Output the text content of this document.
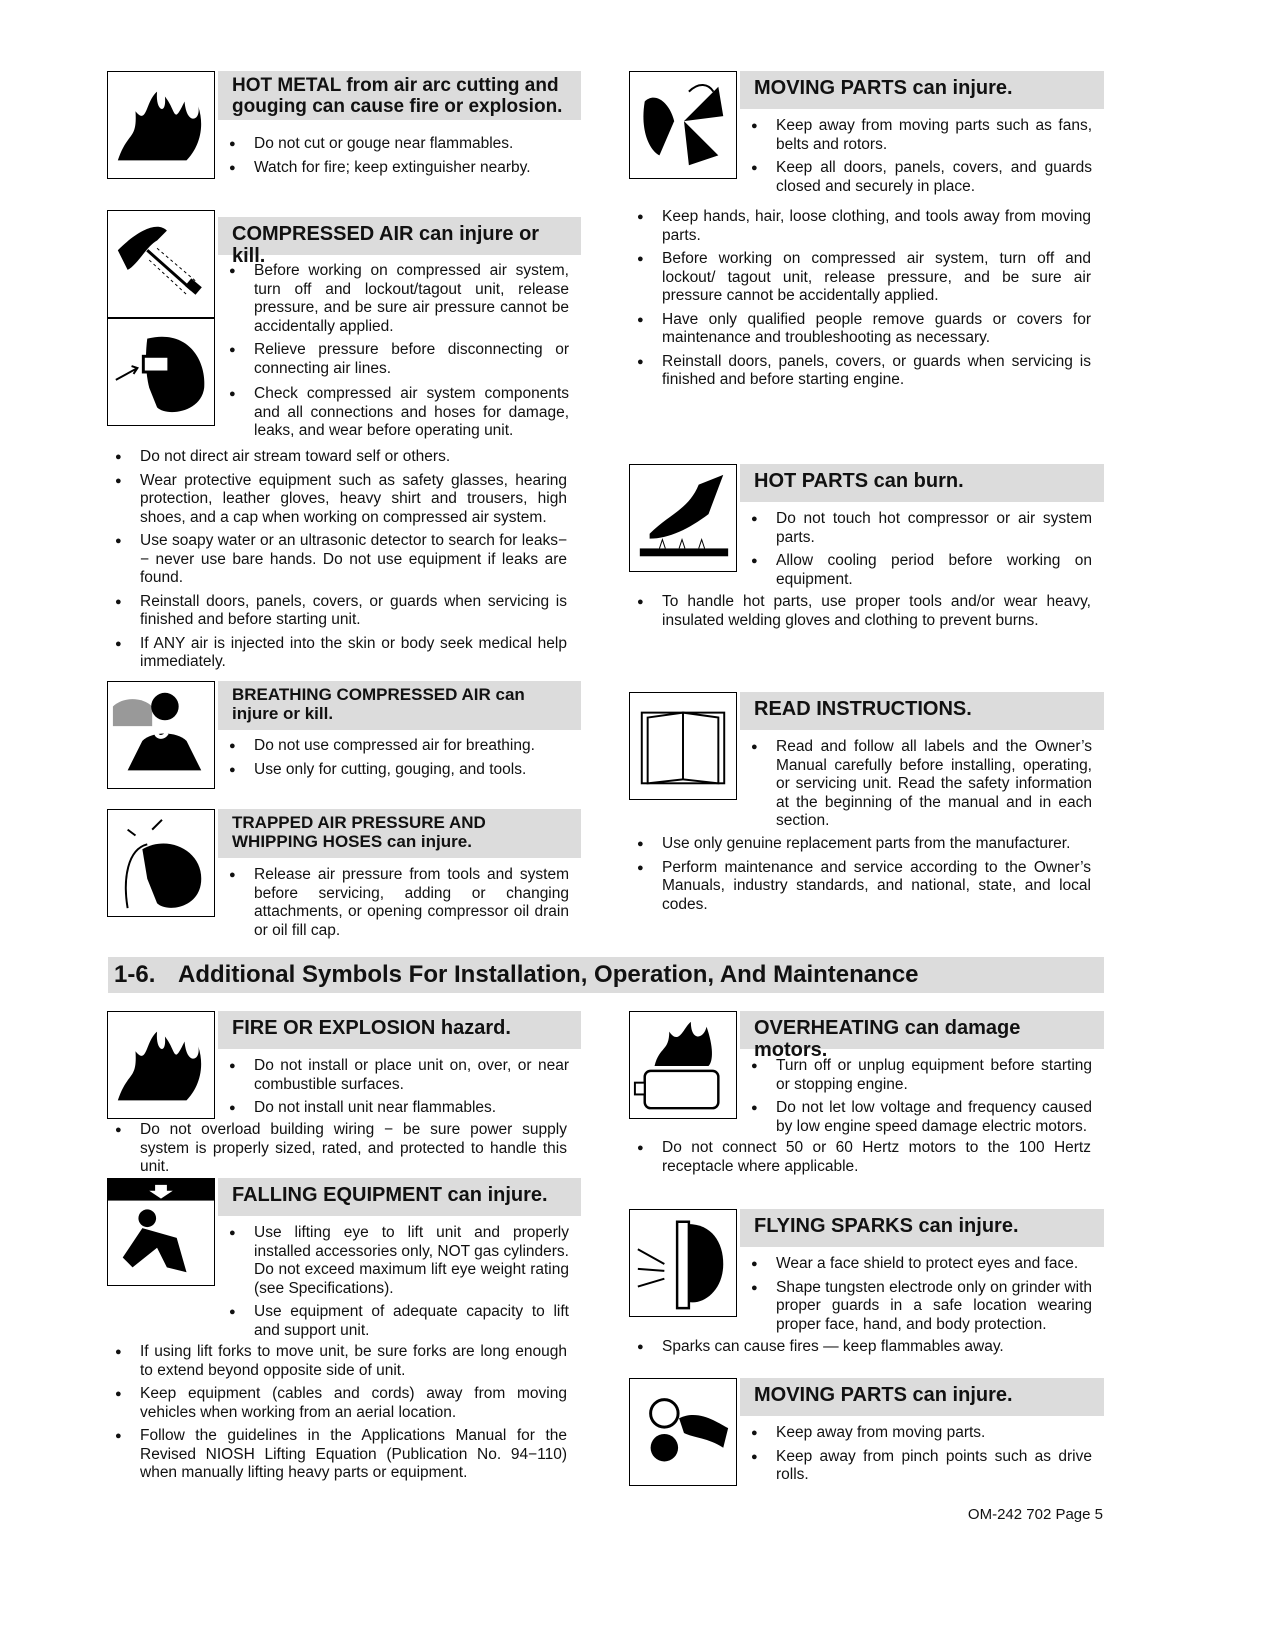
HOT METAL from air arc cutting and gouging can cause fire or explosion.
● Do not cut or gouge near flammables.
● Watch for fire; keep extinguisher nearby.
COMPRESSED AIR can injure or kill.
● Before working on compressed air system, turn off and lockout/tagout unit, release pressure, and be sure air pressure cannot be accidentally applied.
● Relieve pressure before disconnecting or connecting air lines.
● Check compressed air system components and all connections and hoses for damage, leaks, and wear before operating unit.
● Do not direct air stream toward self or others.
● Wear protective equipment such as safety glasses, hearing protection, leather gloves, heavy shirt and trousers, high shoes, and a cap when working on compressed air system.
● Use soapy water or an ultrasonic detector to search for leaks−− never use bare hands. Do not use equipment if leaks are found.
● Reinstall doors, panels, covers, or guards when servicing is finished and before starting unit.
● If ANY air is injected into the skin or body seek medical help immediately.
BREATHING COMPRESSED AIR can injure or kill.
● Do not use compressed air for breathing.
● Use only for cutting, gouging, and tools.
TRAPPED AIR PRESSURE AND WHIPPING HOSES can injure.
● Release air pressure from tools and system before servicing, adding or changing attachments, or opening compressor oil drain or oil fill cap.
MOVING PARTS can injure.
● Keep away from moving parts such as fans, belts and rotors.
● Keep all doors, panels, covers, and guards closed and securely in place.
● Keep hands, hair, loose clothing, and tools away from moving parts.
● Before working on compressed air system, turn off and lockout/ tagout unit, release pressure, and be sure air pressure cannot be accidentally applied.
● Have only qualified people remove guards or covers for maintenance and troubleshooting as necessary.
● Reinstall doors, panels, covers, or guards when servicing is finished and before starting engine.
HOT PARTS can burn.
● Do not touch hot compressor or air system parts.
● Allow cooling period before working on equipment.
● To handle hot parts, use proper tools and/or wear heavy, insulated welding gloves and clothing to prevent burns.
READ INSTRUCTIONS.
● Read and follow all labels and the Owner’s Manual carefully before installing, operating, or servicing unit. Read the safety information at the beginning of the manual and in each section.
● Use only genuine replacement parts from the manufacturer.
● Perform maintenance and service according to the Owner’s Manuals, industry standards, and national, state, and local codes.
1-6. Additional Symbols For Installation, Operation, And Maintenance
FIRE OR EXPLOSION hazard.
● Do not install or place unit on, over, or near combustible surfaces.
● Do not install unit near flammables.
● Do not overload building wiring − be sure power supply system is properly sized, rated, and protected to handle this unit.
FALLING EQUIPMENT can injure.
● Use lifting eye to lift unit and properly installed accessories only, NOT gas cylinders. Do not exceed maximum lift eye weight rating (see Specifications).
● Use equipment of adequate capacity to lift and support unit.
● If using lift forks to move unit, be sure forks are long enough to extend beyond opposite side of unit.
● Keep equipment (cables and cords) away from moving vehicles when working from an aerial location.
● Follow the guidelines in the Applications Manual for the Revised NIOSH Lifting Equation (Publication No. 94−110) when manually lifting heavy parts or equipment.
OVERHEATING can damage motors.
● Turn off or unplug equipment before starting or stopping engine.
● Do not let low voltage and frequency caused by low engine speed damage electric motors.
● Do not connect 50 or 60 Hertz motors to the 100 Hertz receptacle where applicable.
FLYING SPARKS can injure.
● Wear a face shield to protect eyes and face.
● Shape tungsten electrode only on grinder with proper guards in a safe location wearing proper face, hand, and body protection.
● Sparks can cause fires — keep flammables away.
MOVING PARTS can injure.
● Keep away from moving parts.
● Keep away from pinch points such as drive rolls.
OM-242 702 Page 5
